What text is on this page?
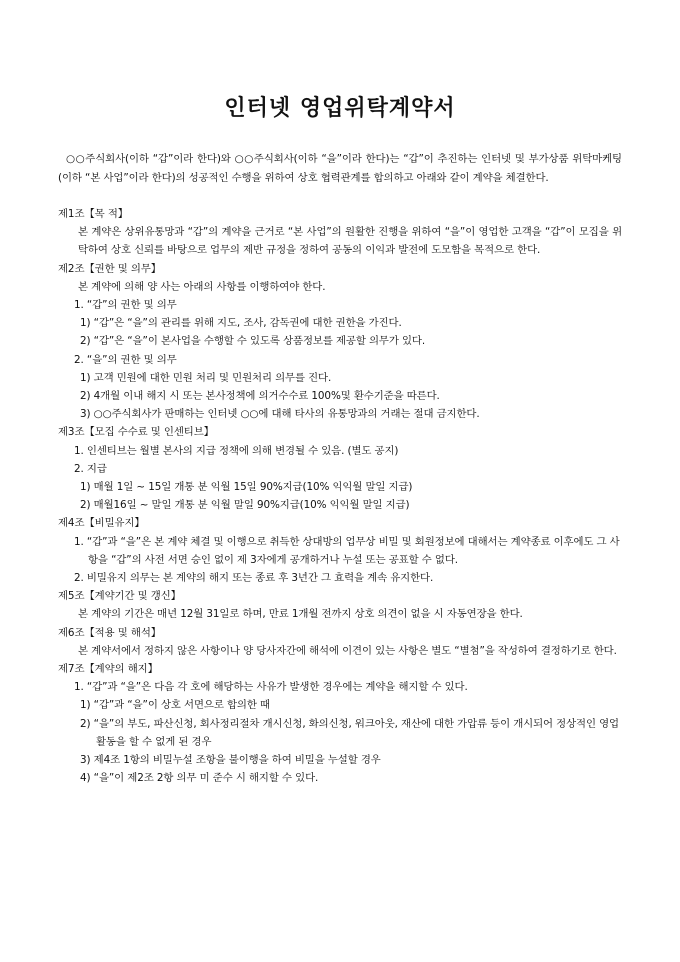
인터넷 영업위탁계약서

○○주식회사(이하 “갑”이라 한다)와 ○○주식회사(이하 “을”이라 한다)는 “갑”이 추진하는 인터넷 및 부가상품 위탁마케팅(이하 “본 사업”이라 한다)의 성공적인 수행을 위하여 상호 협력관계를 합의하고 아래와 같이 계약을 체결한다.

제1조【목 적】
본 계약은 상위유통망과 “갑”의 계약을 근거로 “본 사업”의 원활한 진행을 위하여 “을”이 영업한 고객을 “갑”이 모집을 위탁하여 상호 신뢰를 바탕으로 업무의 제반 규정을 정하여 공동의 이익과 발전에 도모함을 목적으로 한다.
제2조【권한 및 의무】
본 계약에 의해 양 사는 아래의 사항를 이행하여야 한다.
1. “갑”의 권한 및 의무
1) “갑”은 “을”의 관리를 위해 지도, 조사, 감독권에 대한 권한을 가진다.
2) “갑”은 “을”이 본사업을 수행할 수 있도록 상품정보를 제공할 의무가 있다.
2. “을”의 권한 및 의무
1) 고객 민원에 대한 민원 처리 및 민원처리 의무를 진다.
2) 4개월 이내 해지 시 또는 본사정책에 의거수수료 100%및 환수기준을 따른다.
3) ○○주식회사가 판매하는 인터넷 ○○에 대해 타사의 유통망과의 거래는 절대 금지한다.
제3조【모집 수수료 및 인센티브】
1. 인센티브는 월별 본사의 지급 정책에 의해 변경될 수 있음. (별도 공지)
2. 지급
1) 매월 1일 ~ 15일 개통 분 익월 15일 90%지급(10% 익익월 말일 지급)
2) 매월16일 ~ 말일 개통 분 익월 말일 90%지급(10% 익익월 말일 지급)
제4조【비밀유지】
1. “갑”과 “을”은 본 계약 체결 및 이행으로 취득한 상대방의 업무상 비밀 및 회원정보에 대해서는 계약종료 이후에도 그 사항을 “갑”의 사전 서면 승인 없이 제 3자에게 공개하거나 누설 또는 공표할 수 없다.
2. 비밀유지 의무는 본 계약의 해지 또는 종료 후 3년간 그 효력을 계속 유지한다.
제5조【계약기간 및 갱신】
본 계약의 기간은 매년 12월 31일로 하며, 만료 1개월 전까지 상호 의견이 없을 시 자동연장을 한다.
제6조【적용 및 해석】
본 계약서에서 정하지 않은 사항이나 양 당사자간에 해석에 이견이 있는 사항은 별도 “별첨”을 작성하여 결정하기로 한다.
제7조【계약의 해지】
1. “갑”과 “을”은 다음 각 호에 해당하는 사유가 발생한 경우에는 계약을 해지할 수 있다.
1) “갑”과 “을”이 상호 서면으로 합의한 때
2) “을”의 부도, 파산신청, 회사정리절차 개시신청, 화의신청, 워크아웃, 재산에 대한 가압류 등이 개시되어 정상적인 영업활동을 할 수 없게 된 경우
3) 제4조 1항의 비밀누설 조항을 불이행을 하여 비밀을 누설할 경우
4) “을”이 제2조 2항 의무 미 준수 시 해지할 수 있다.
